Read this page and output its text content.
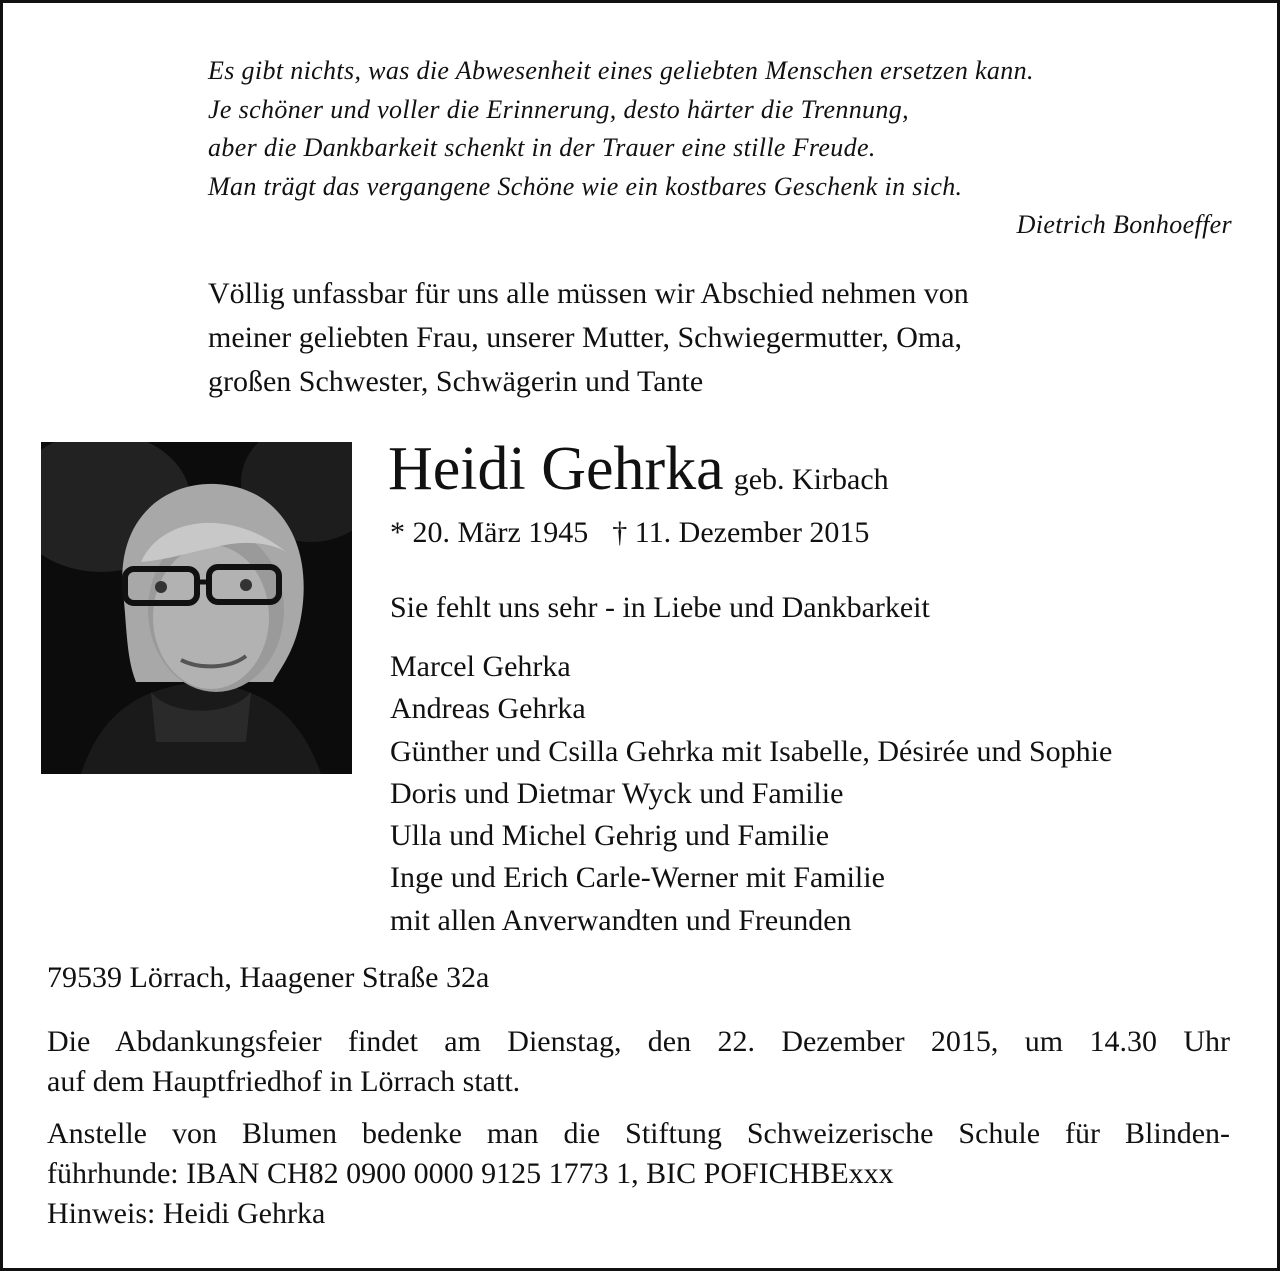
Es gibt nichts, was die Abwesenheit eines geliebten Menschen ersetzen kann.
Je schöner und voller die Erinnerung, desto härter die Trennung,
aber die Dankbarkeit schenkt in der Trauer eine stille Freude.
Man trägt das vergangene Schöne wie ein kostbares Geschenk in sich.
Dietrich Bonhoeffer
Völlig unfassbar für uns alle müssen wir Abschied nehmen von
meiner geliebten Frau, unserer Mutter, Schwiegermutter, Oma,
großen Schwester, Schwägerin und Tante
Heidi Gehrka geb. Kirbach
* 20. März 1945 † 11. Dezember 2015
Sie fehlt uns sehr - in Liebe und Dankbarkeit
Marcel Gehrka
Andreas Gehrka
Günther und Csilla Gehrka mit Isabelle, Désirée und Sophie
Doris und Dietmar Wyck und Familie
Ulla und Michel Gehrig und Familie
Inge und Erich Carle-Werner mit Familie
mit allen Anverwandten und Freunden
79539 Lörrach, Haagener Straße 32a
Die Abdankungsfeier findet am Dienstag, den 22. Dezember 2015, um 14.30 Uhr
auf dem Hauptfriedhof in Lörrach statt.
Anstelle von Blumen bedenke man die Stiftung Schweizerische Schule für Blinden-
führhunde: IBAN CH82 0900 0000 9125 1773 1, BIC POFICHBExxx
Hinweis: Heidi Gehrka
